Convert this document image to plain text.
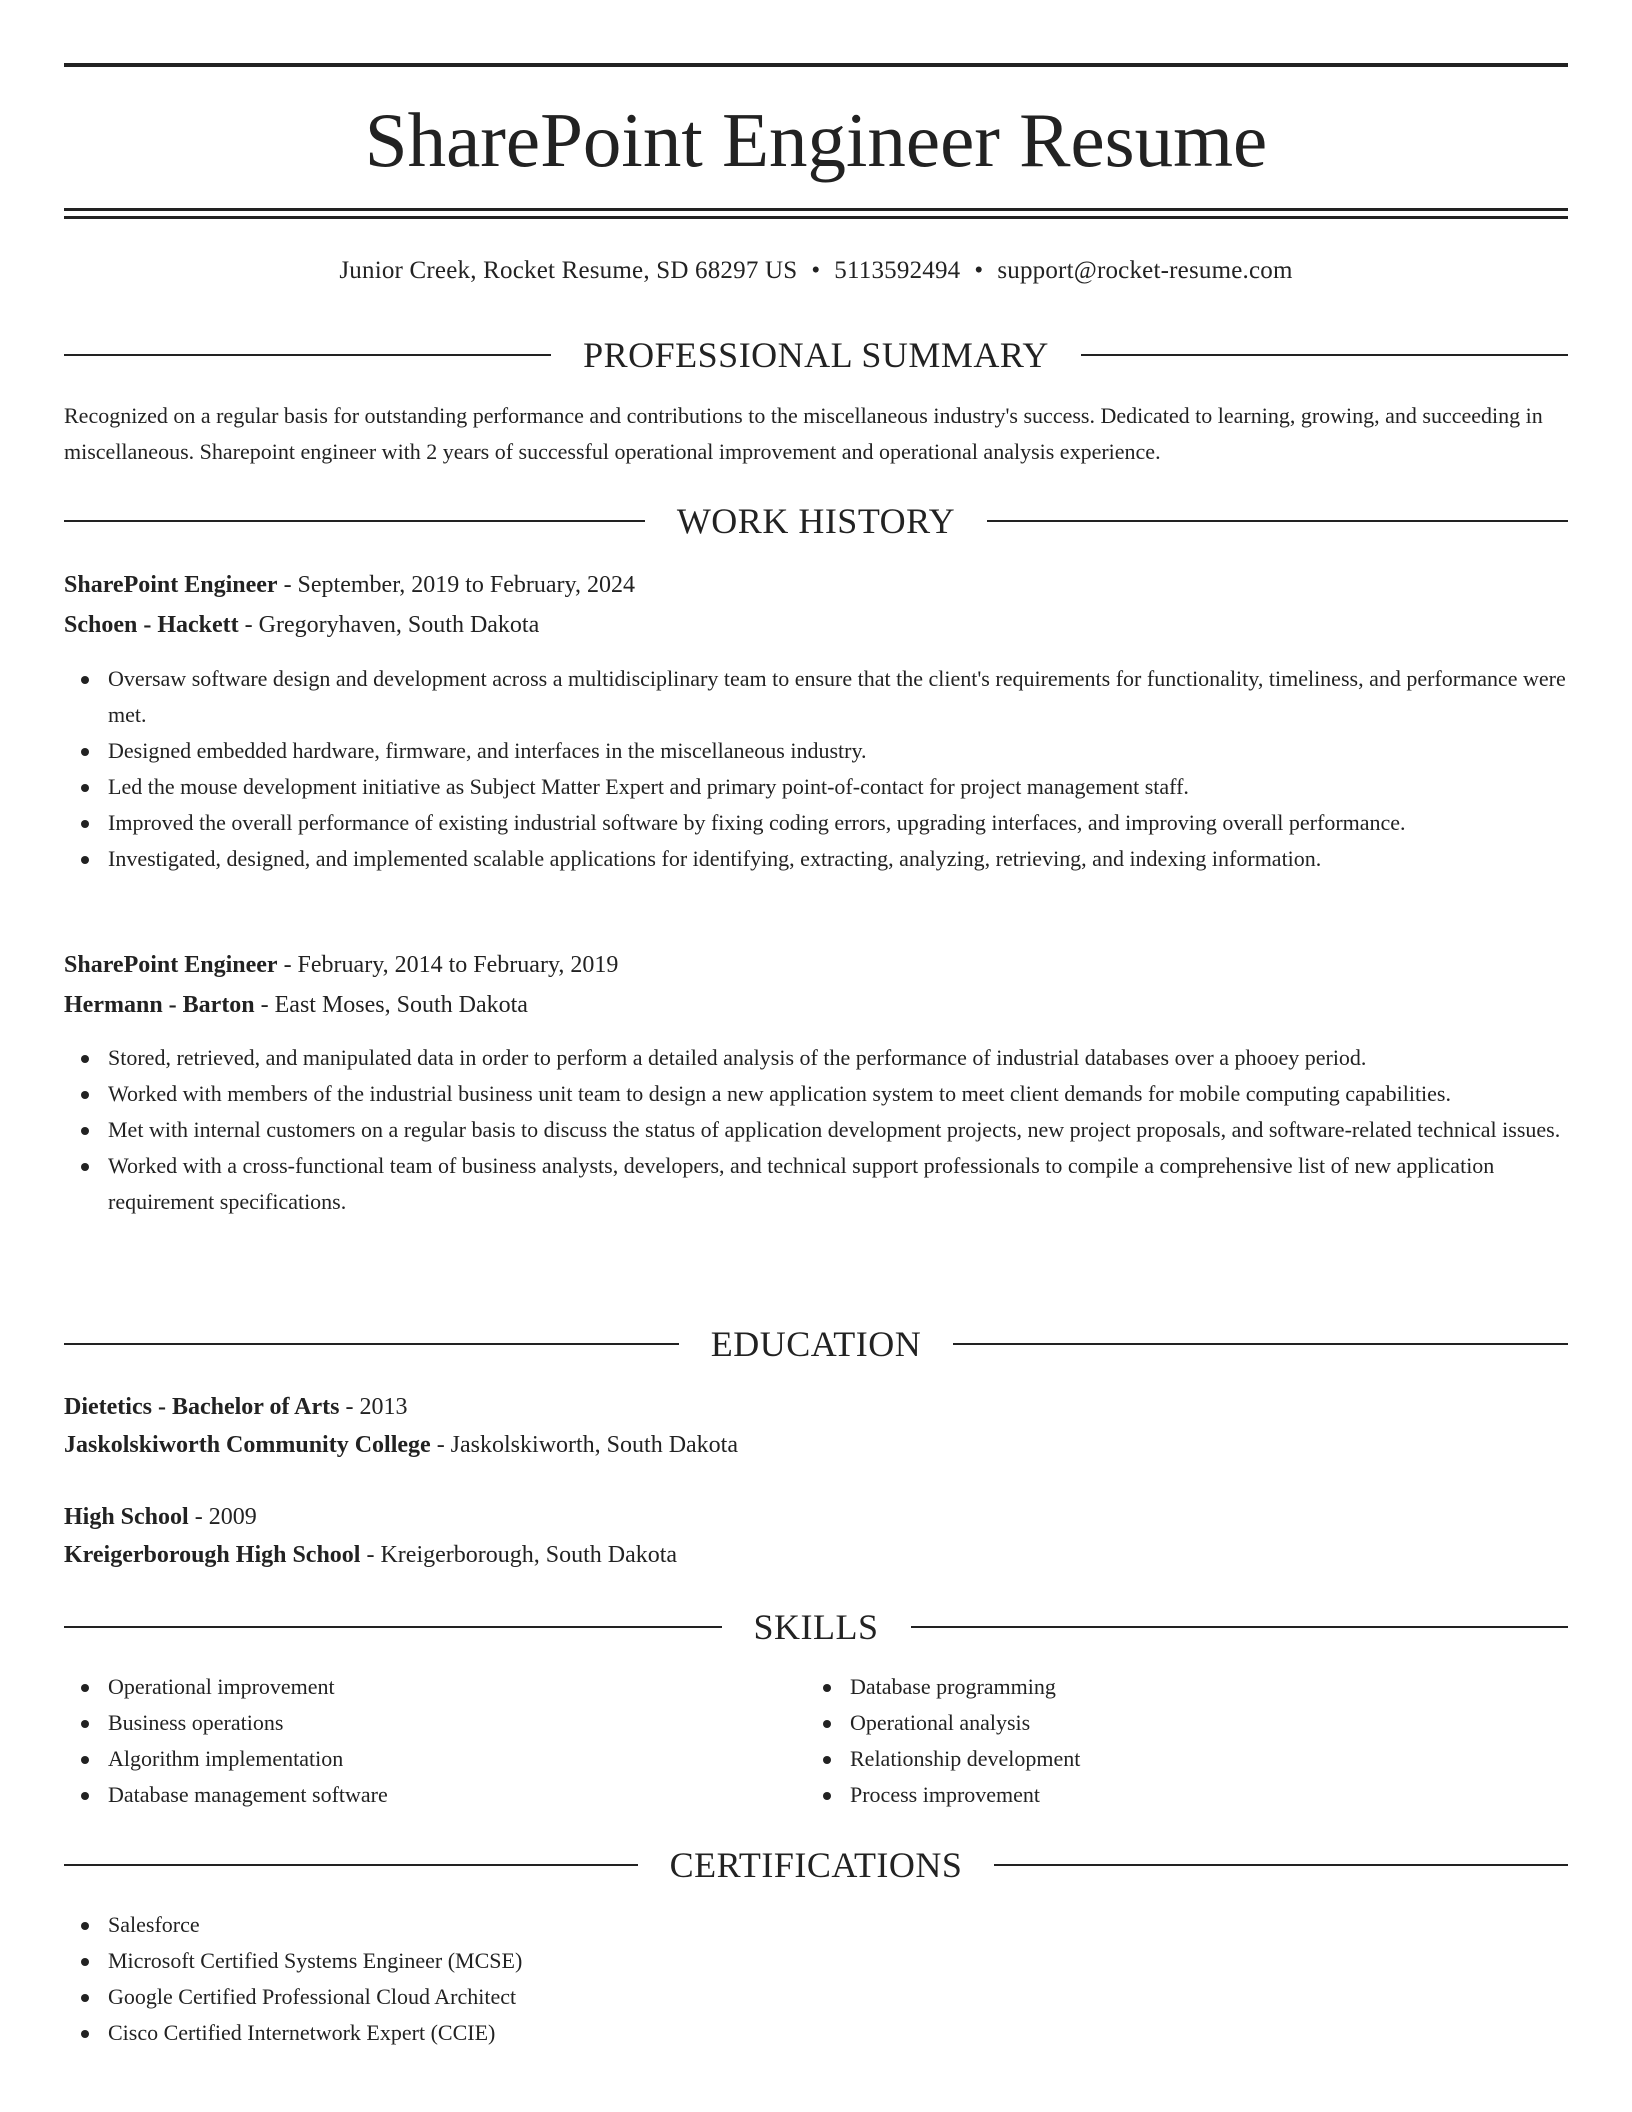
SharePoint Engineer Resume
Junior Creek, Rocket Resume, SD 68297 US • 5113592494 • support@rocket-resume.com
PROFESSIONAL SUMMARY

Recognized on a regular basis for outstanding performance and contributions to the miscellaneous industry's success. Dedicated to learning, growing, and succeeding in miscellaneous. Sharepoint engineer with 2 years of successful operational improvement and operational analysis experience.

WORK HISTORY
SharePoint Engineer - September, 2019 to February, 2024
Schoen - Hackett - Gregoryhaven, South Dakota
Oversaw software design and development across a multidisciplinary team to ensure that the client's requirements for functionality, timeliness, and performance were met.
Designed embedded hardware, firmware, and interfaces in the miscellaneous industry.
Led the mouse development initiative as Subject Matter Expert and primary point-of-contact for project management staff.
Improved the overall performance of existing industrial software by fixing coding errors, upgrading interfaces, and improving overall performance.
Investigated, designed, and implemented scalable applications for identifying, extracting, analyzing, retrieving, and indexing information.
SharePoint Engineer - February, 2014 to February, 2019
Hermann - Barton - East Moses, South Dakota
Stored, retrieved, and manipulated data in order to perform a detailed analysis of the performance of industrial databases over a phooey period.
Worked with members of the industrial business unit team to design a new application system to meet client demands for mobile computing capabilities.
Met with internal customers on a regular basis to discuss the status of application development projects, new project proposals, and software-related technical issues.
Worked with a cross-functional team of business analysts, developers, and technical support professionals to compile a comprehensive list of new application requirement specifications.
EDUCATION
Dietetics - Bachelor of Arts - 2013
Jaskolskiworth Community College - Jaskolskiworth, South Dakota
High School - 2009
Kreigerborough High School - Kreigerborough, South Dakota
SKILLS
Operational improvement
Business operations
Algorithm implementation
Database management software
Database programming
Operational analysis
Relationship development
Process improvement
CERTIFICATIONS
Salesforce
Microsoft Certified Systems Engineer (MCSE)
Google Certified Professional Cloud Architect
Cisco Certified Internetwork Expert (CCIE)
